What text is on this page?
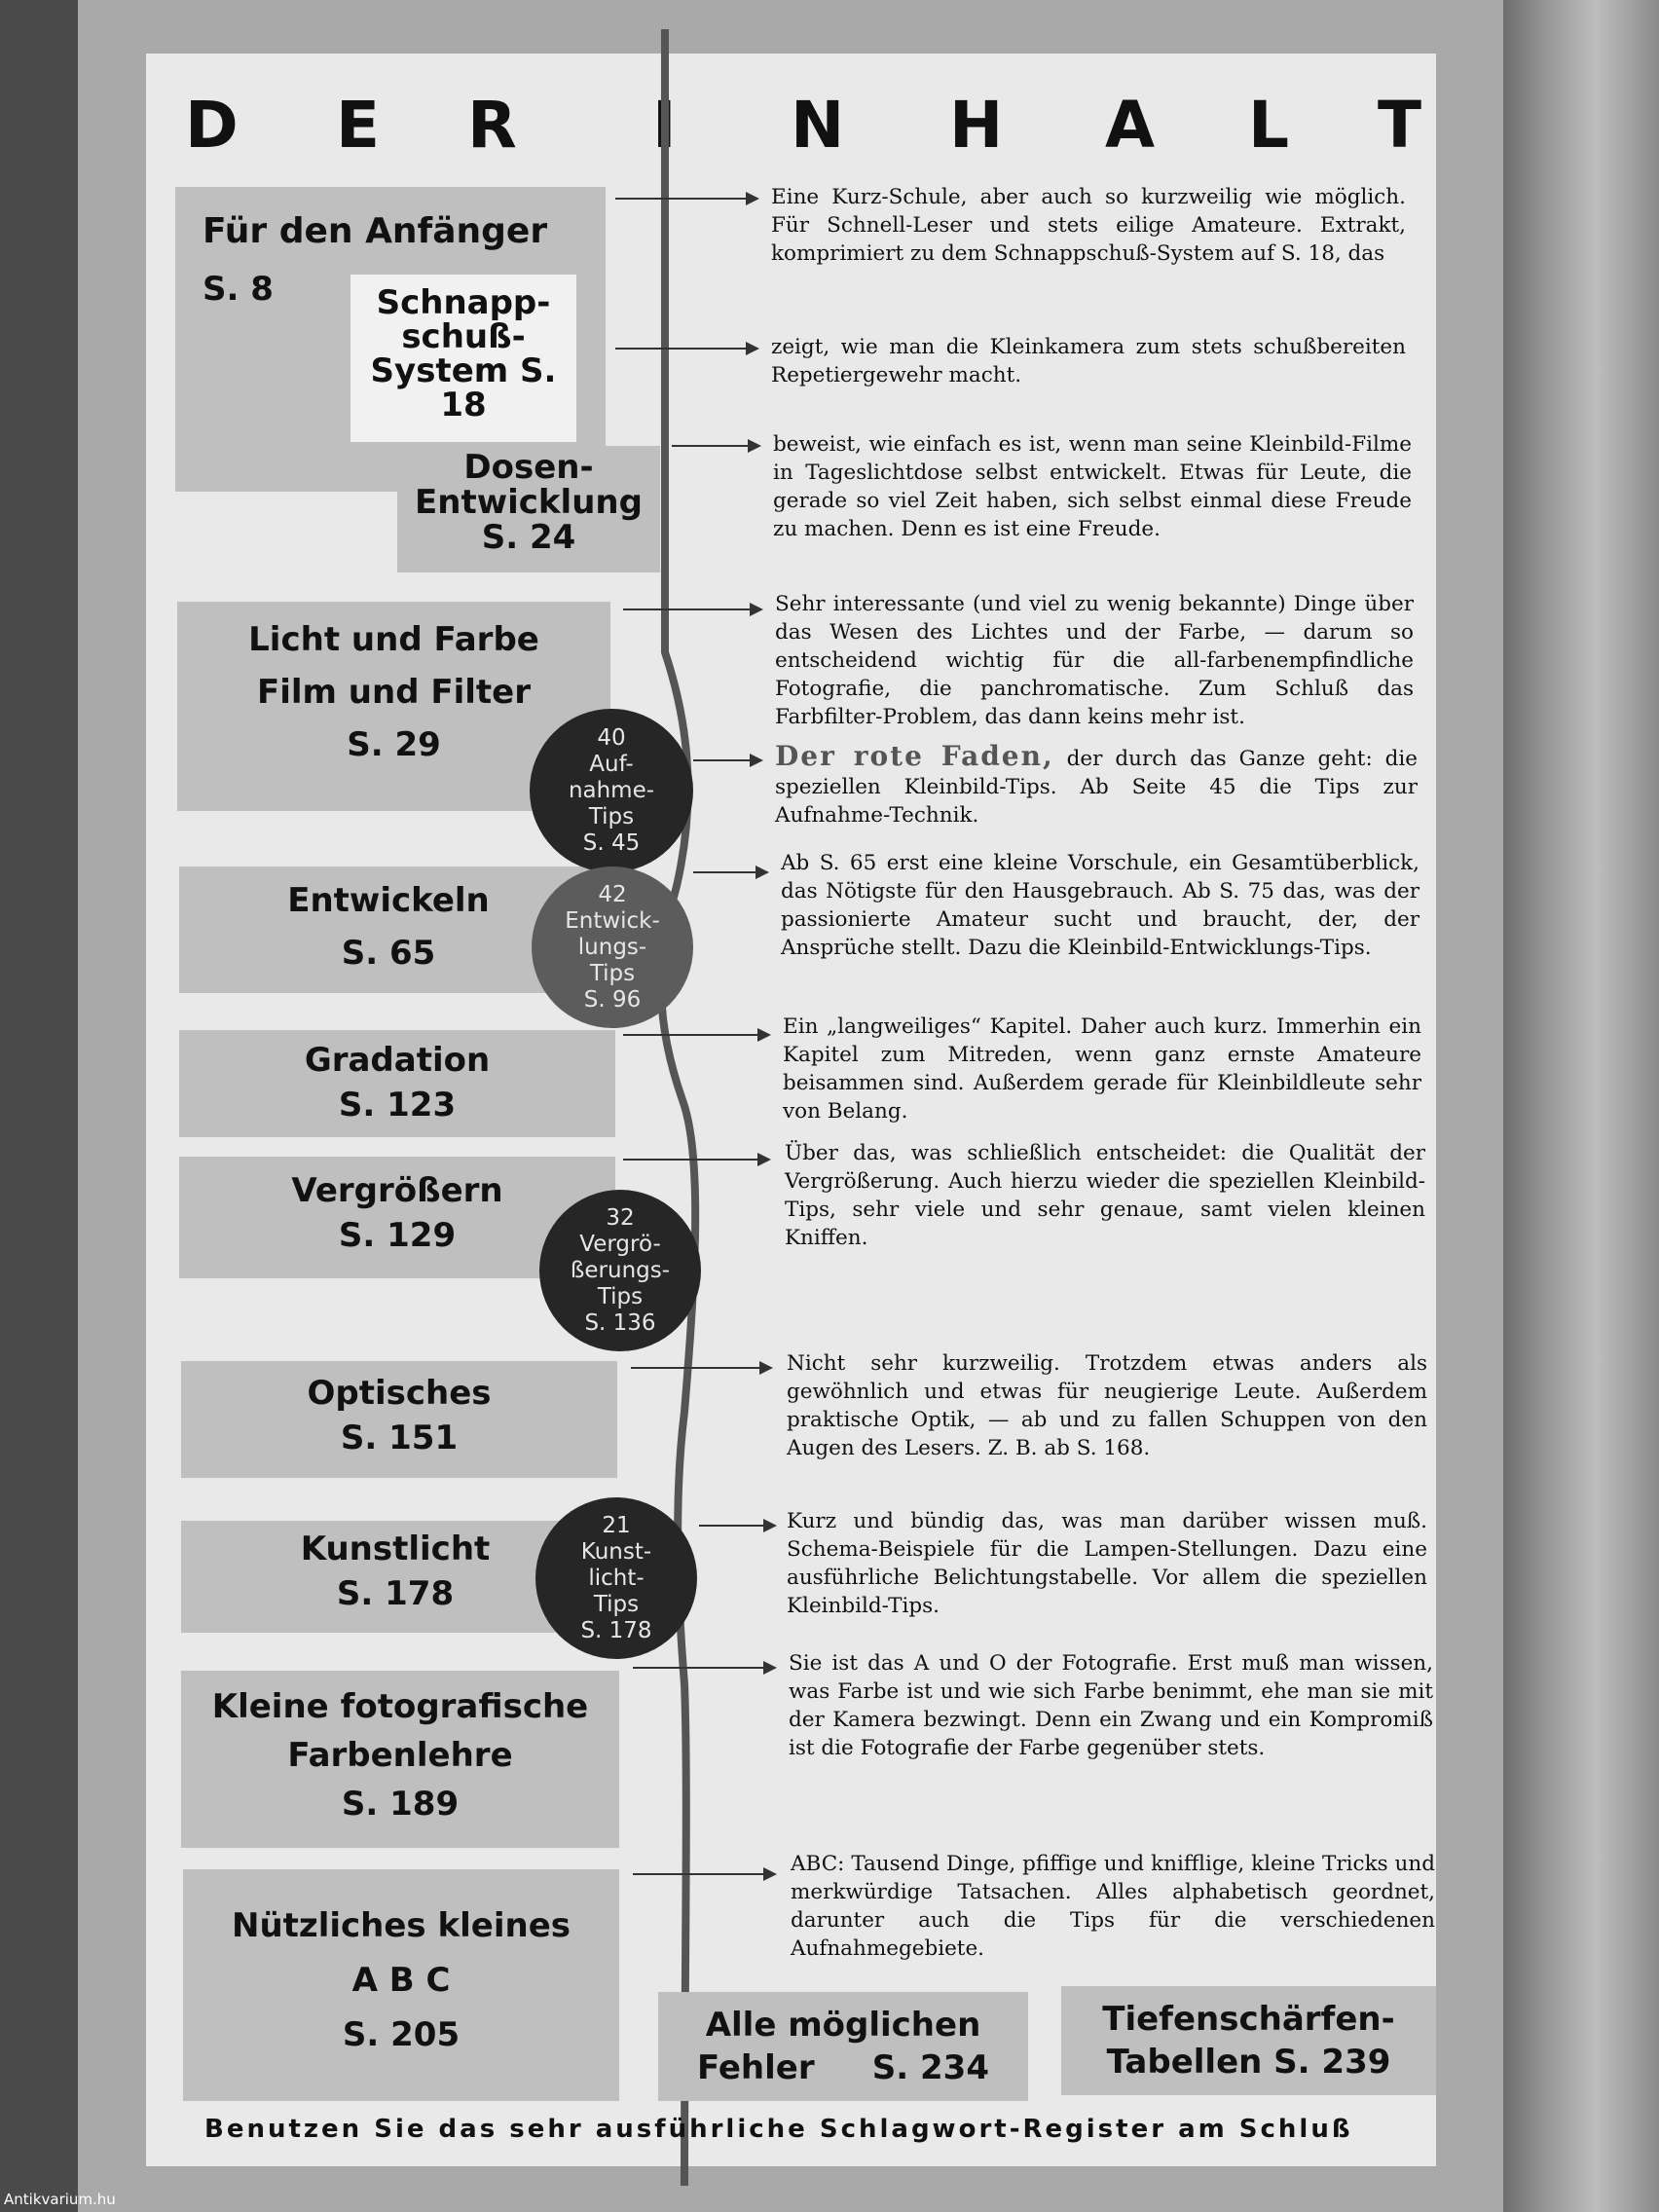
D E R I N H A L T
Für den Anfänger
S. 8	Schnapp- schuß- System S. 18
Dosen-
Entwicklung
S. 24
Licht und Farbe
Film und Filter
S. 29
Entwickeln
S. 65
Gradation
S. 123
Vergrößern
S. 129
Optisches
S. 151
Kunstlicht
S. 178
Kleine fotografische
Farbenlehre
S. 189
Nützliches kleines
A B C
S. 205	Alle möglichen
Fehler     S. 234
Tiefenschärfen-
Tabellen S. 239
40
Auf-
nahme-
Tips
S. 45
42
Entwick-
lungs-
Tips
S. 96
32
Vergrö-
ßerungs-
Tips
S. 136
21
Kunst-
licht-
Tips
S. 178
Eine Kurz-Schule, aber auch so kurzweilig wie möglich. Für Schnell-Leser und stets eilige Amateure. Extrakt, komprimiert zu dem Schnappschuß-System auf S. 18, das
zeigt, wie man die Kleinkamera zum stets schußbereiten Repetiergewehr macht.
beweist, wie einfach es ist, wenn man seine Kleinbild-Filme in Tageslichtdose selbst entwickelt. Etwas für Leute, die gerade so viel Zeit haben, sich selbst einmal diese Freude zu machen. Denn es ist eine Freude.
Sehr interessante (und viel zu wenig bekannte) Dinge über das Wesen des Lichtes und der Farbe, — darum so entscheidend wichtig für die all-farbenempfindliche Fotografie, die panchromatische. Zum Schluß das Farbfilter-Problem, das dann keins mehr ist.
Der rote Faden, der durch das Ganze geht: die speziellen Kleinbild-Tips. Ab Seite 45 die Tips zur Aufnahme-Technik.
Ab S. 65 erst eine kleine Vorschule, ein Gesamtüberblick, das Nötigste für den Hausgebrauch. Ab S. 75 das, was der passionierte Amateur sucht und braucht, der, der Ansprüche stellt. Dazu die Kleinbild-Entwicklungs-Tips.
Ein „langweiliges“ Kapitel. Daher auch kurz. Immerhin ein Kapitel zum Mitreden, wenn ganz ernste Amateure beisammen sind. Außerdem gerade für Kleinbildleute sehr von Belang.
Über das, was schließlich entscheidet: die Qualität der Vergrößerung. Auch hierzu wieder die speziellen Kleinbild-Tips, sehr viele und sehr genaue, samt vielen kleinen Kniffen.
Nicht sehr kurzweilig. Trotzdem etwas anders als gewöhnlich und etwas für neugierige Leute. Außerdem praktische Optik, — ab und zu fallen Schuppen von den Augen des Lesers. Z. B. ab S. 168.
Kurz und bündig das, was man darüber wissen muß. Schema-Beispiele für die Lampen-Stellungen. Dazu eine ausführliche Belichtungstabelle. Vor allem die speziellen Kleinbild-Tips.
Sie ist das A und O der Fotografie. Erst muß man wissen, was Farbe ist und wie sich Farbe benimmt, ehe man sie mit der Kamera bezwingt. Denn ein Zwang und ein Kompromiß ist die Fotografie der Farbe gegenüber stets.
ABC: Tausend Dinge, pfiffige und knifflige, kleine Tricks und merkwürdige Tatsachen. Alles alphabetisch geordnet, darunter auch die Tips für die verschiedenen Aufnahmegebiete.
Benutzen Sie das sehr ausführliche Schlagwort-Register am Schluß
Antikvarium.hu
